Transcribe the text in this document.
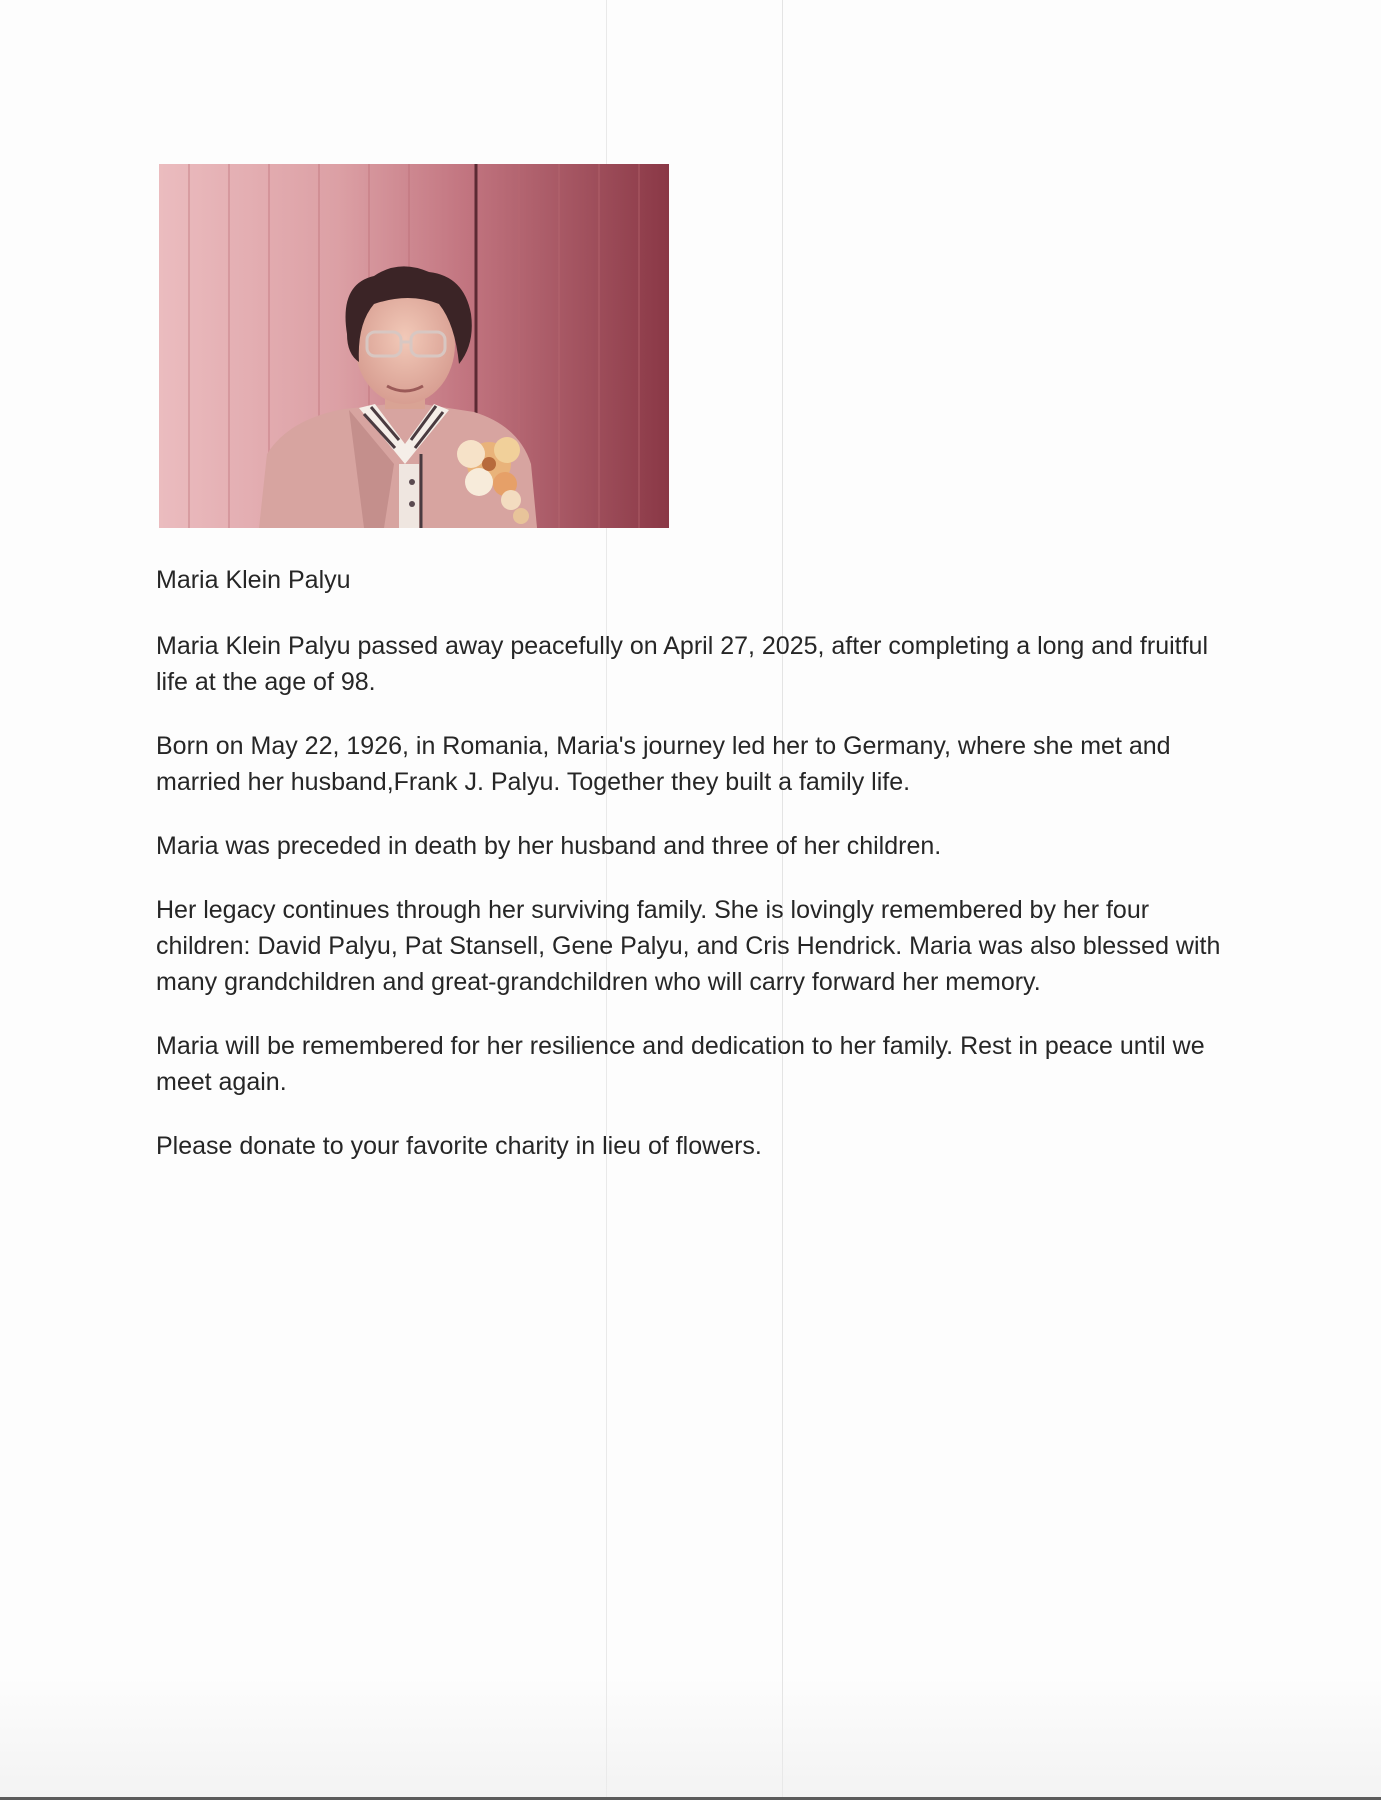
Maria Klein Palyu

Maria Klein Palyu passed away peacefully on April 27, 2025, after completing a long and fruitful life at the age of 98.

Born on May 22, 1926, in Romania, Maria's journey led her to Germany, where she met and married her husband,Frank J. Palyu. Together they built a family life.

Maria was preceded in death by her husband and three of her children.

Her legacy continues through her surviving family. She is lovingly remembered by her four children: David Palyu, Pat Stansell, Gene Palyu, and Cris Hendrick. Maria was also blessed with many grandchildren and great-grandchildren who will carry forward her memory.

Maria will be remembered for her resilience and dedication to her family. Rest in peace until we meet again.

Please donate to your favorite charity in lieu of flowers.
